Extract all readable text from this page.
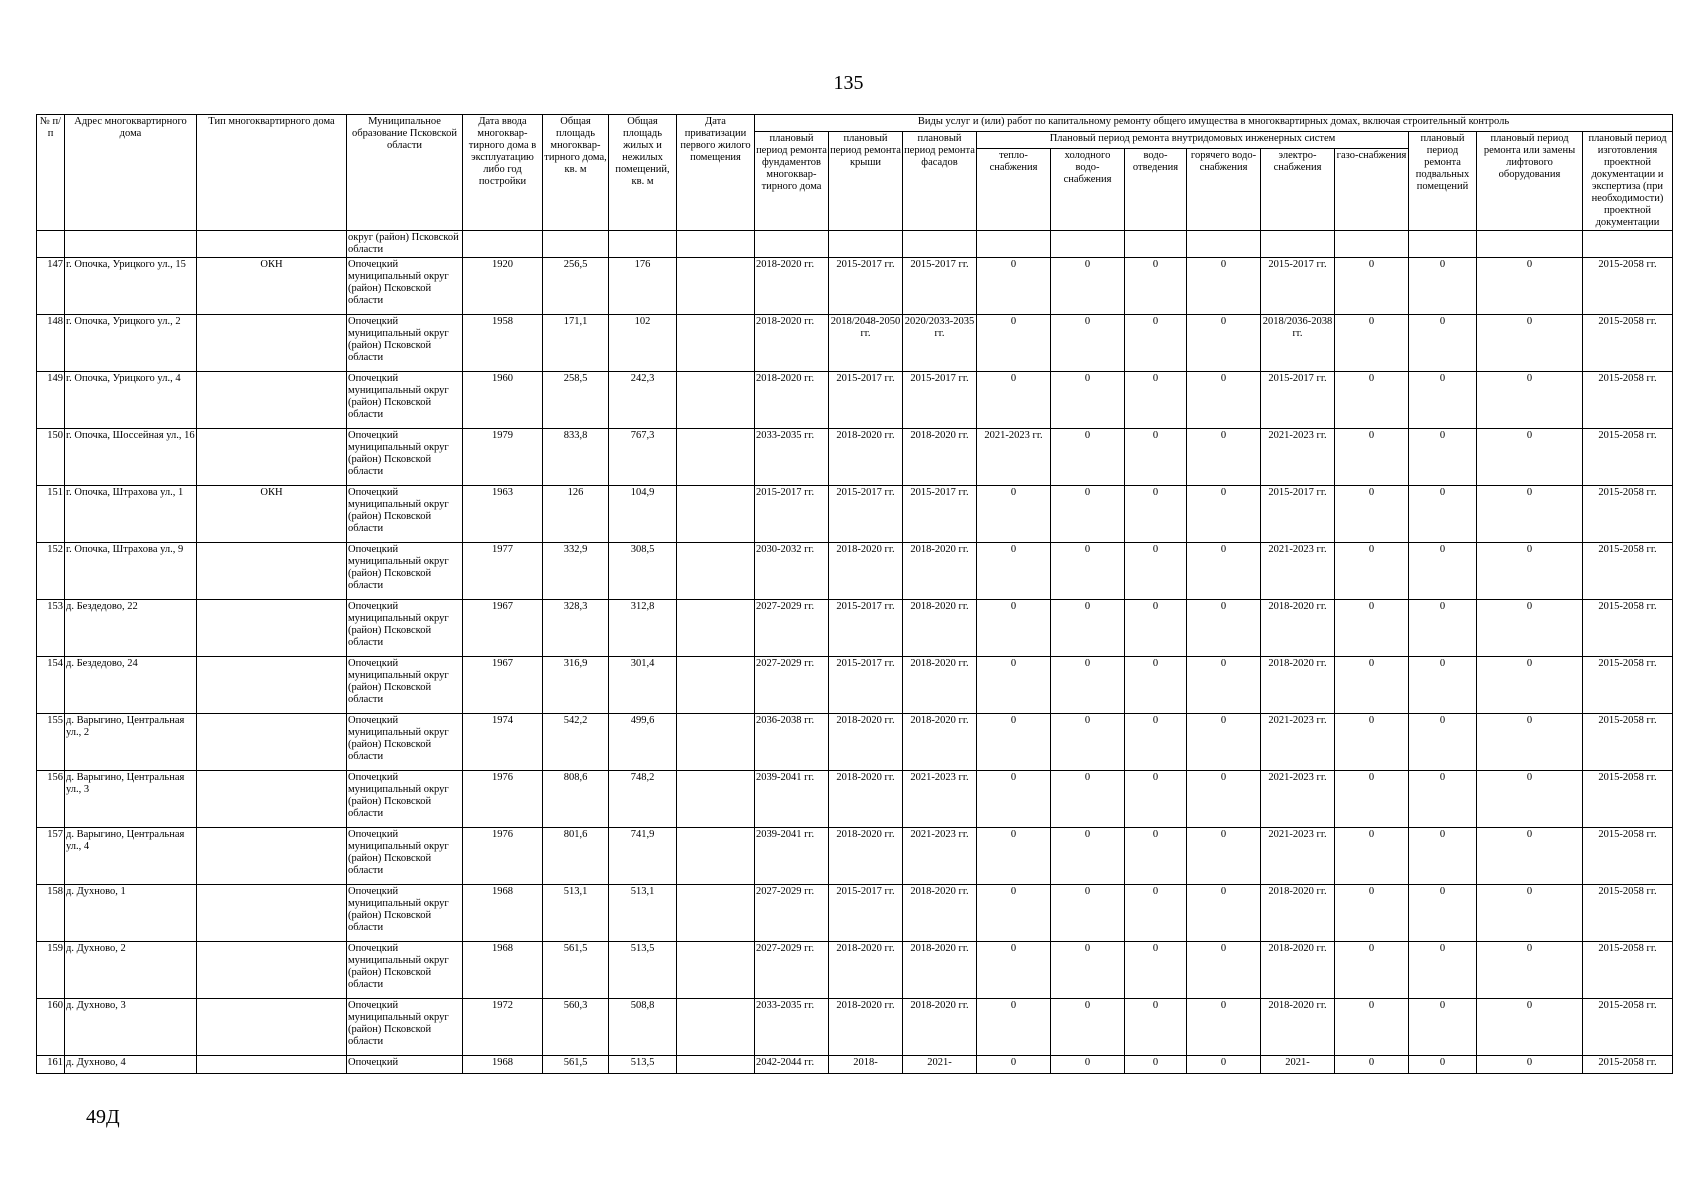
135
№ п/п	Адрес многоквартирного дома	Тип многоквартирного дома	Муниципальное образование Псковской области	Дата ввода многоквар-тирного дома в эксплуатацию либо год постройки	Общая площадь многоквар-тирного дома, кв. м	Общая площадь жилых и нежилых помещений, кв. м	Дата приватизации первого жилого помещения	Виды услуг и (или) работ по капитальному ремонту общего имущества в многоквартирных домах, включая строительный контроль											
								плановый период ремонта фундаментов многоквар-тирного дома	плановый период ремонта крыши	плановый период ремонта фасадов	Плановый период ремонта внутридомовых инженерных систем						плановый период ремонта подвальных помещений	плановый период ремонта или замены лифтового оборудования	плановый период изготовления проектной документации и экспертиза (при необходимости) проектной документации
											тепло-снабжения	холодного водо-снабжения	водо-отведения	горячего водо-снабжения	электро-снабжения	газо-снабжения			
			округ (район) Псковской области																
147	г. Опочка, Урицкого ул., 15	ОКН	Опочецкий муниципальный округ (район) Псковской области	1920	256,5	176		2018-2020 гг.	2015-2017 гг.	2015-2017 гг.	0	0	0	0	2015-2017 гг.	0	0	0	2015-2058 гг.
148	г. Опочка, Урицкого ул., 2		Опочецкий муниципальный округ (район) Псковской области	1958	171,1	102		2018-2020 гг.	2018/2048-2050 гг.	2020/2033-2035 гг.	0	0	0	0	2018/2036-2038 гг.	0	0	0	2015-2058 гг.
149	г. Опочка, Урицкого ул., 4		Опочецкий муниципальный округ (район) Псковской области	1960	258,5	242,3		2018-2020 гг.	2015-2017 гг.	2015-2017 гг.	0	0	0	0	2015-2017 гг.	0	0	0	2015-2058 гг.
150	г. Опочка, Шоссейная ул., 16		Опочецкий муниципальный округ (район) Псковской области	1979	833,8	767,3		2033-2035 гг.	2018-2020 гг.	2018-2020 гг.	2021-2023 гг.	0	0	0	2021-2023 гг.	0	0	0	2015-2058 гг.
151	г. Опочка, Штрахова ул., 1	ОКН	Опочецкий муниципальный округ (район) Псковской области	1963	126	104,9		2015-2017 гг.	2015-2017 гг.	2015-2017 гг.	0	0	0	0	2015-2017 гг.	0	0	0	2015-2058 гг.
152	г. Опочка, Штрахова ул., 9		Опочецкий муниципальный округ (район) Псковской области	1977	332,9	308,5		2030-2032 гг.	2018-2020 гг.	2018-2020 гг.	0	0	0	0	2021-2023 гг.	0	0	0	2015-2058 гг.
153	д. Бездедово, 22		Опочецкий муниципальный округ (район) Псковской области	1967	328,3	312,8		2027-2029 гг.	2015-2017 гг.	2018-2020 гг.	0	0	0	0	2018-2020 гг.	0	0	0	2015-2058 гг.
154	д. Бездедово, 24		Опочецкий муниципальный округ (район) Псковской области	1967	316,9	301,4		2027-2029 гг.	2015-2017 гг.	2018-2020 гг.	0	0	0	0	2018-2020 гг.	0	0	0	2015-2058 гг.
155	д. Варыгино, Центральная ул., 2		Опочецкий муниципальный округ (район) Псковской области	1974	542,2	499,6		2036-2038 гг.	2018-2020 гг.	2018-2020 гг.	0	0	0	0	2021-2023 гг.	0	0	0	2015-2058 гг.
156	д. Варыгино, Центральная ул., 3		Опочецкий муниципальный округ (район) Псковской области	1976	808,6	748,2		2039-2041 гг.	2018-2020 гг.	2021-2023 гг.	0	0	0	0	2021-2023 гг.	0	0	0	2015-2058 гг.
157	д. Варыгино, Центральная ул., 4		Опочецкий муниципальный округ (район) Псковской области	1976	801,6	741,9		2039-2041 гг.	2018-2020 гг.	2021-2023 гг.	0	0	0	0	2021-2023 гг.	0	0	0	2015-2058 гг.
158	д. Духново, 1		Опочецкий муниципальный округ (район) Псковской области	1968	513,1	513,1		2027-2029 гг.	2015-2017 гг.	2018-2020 гг.	0	0	0	0	2018-2020 гг.	0	0	0	2015-2058 гг.
159	д. Духново, 2		Опочецкий муниципальный округ (район) Псковской области	1968	561,5	513,5		2027-2029 гг.	2018-2020 гг.	2018-2020 гг.	0	0	0	0	2018-2020 гг.	0	0	0	2015-2058 гг.
160	д. Духново, 3		Опочецкий муниципальный округ (район) Псковской области	1972	560,3	508,8		2033-2035 гг.	2018-2020 гг.	2018-2020 гг.	0	0	0	0	2018-2020 гг.	0	0	0	2015-2058 гг.
161	д. Духново, 4		Опочецкий	1968	561,5	513,5		2042-2044 гг.	2018-	2021-	0	0	0	0	2021-	0	0	0	2015-2058 гг.
49Д
